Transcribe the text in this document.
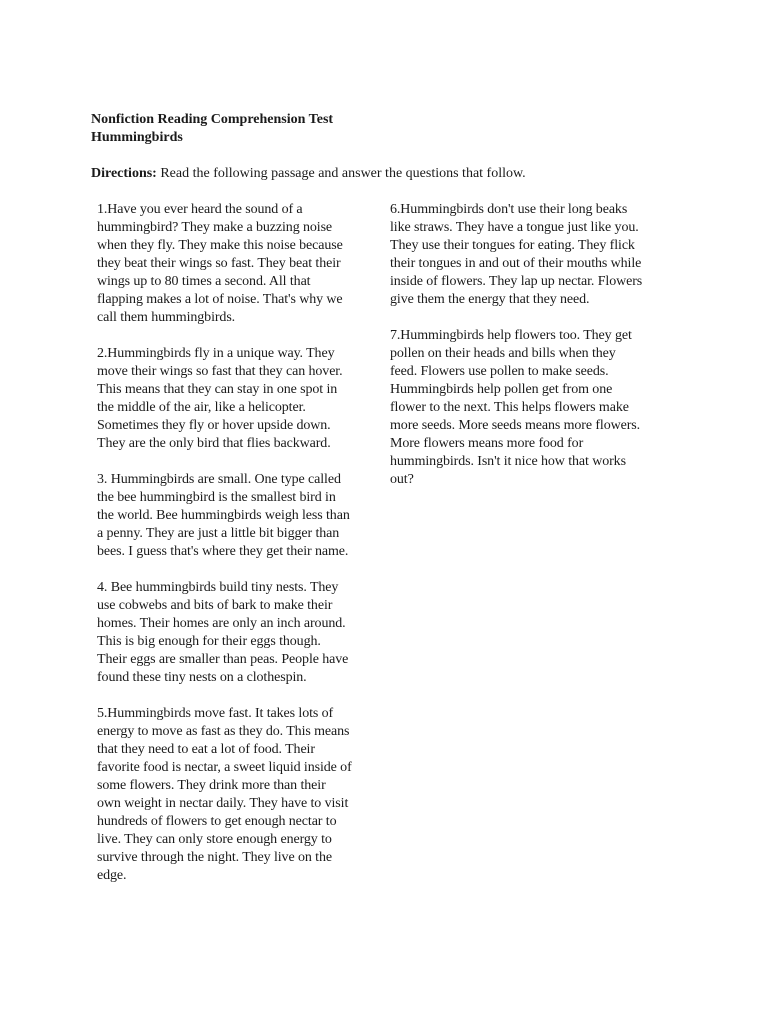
Nonfiction Reading Comprehension Test
Hummingbirds
Directions: Read the following passage and answer the questions that follow.

1.Have you ever heard the sound of a
hummingbird? They make a buzzing noise
when they fly. They make this noise because
they beat their wings so fast. They beat their
wings up to 80 times a second. All that
flapping makes a lot of noise. That's why we
call them hummingbirds.

2.Hummingbirds fly in a unique way. They
move their wings so fast that they can hover.
This means that they can stay in one spot in
the middle of the air, like a helicopter.
Sometimes they fly or hover upside down.
They are the only bird that flies backward.

3. Hummingbirds are small. One type called
the bee hummingbird is the smallest bird in
the world. Bee hummingbirds weigh less than
a penny. They are just a little bit bigger than
bees. I guess that's where they get their name.

4. Bee hummingbirds build tiny nests. They
use cobwebs and bits of bark to make their
homes. Their homes are only an inch around.
This is big enough for their eggs though.
Their eggs are smaller than peas. People have
found these tiny nests on a clothespin.

5.Hummingbirds move fast. It takes lots of
energy to move as fast as they do. This means
that they need to eat a lot of food. Their
favorite food is nectar, a sweet liquid inside of
some flowers. They drink more than their
own weight in nectar daily. They have to visit
hundreds of flowers to get enough nectar to
live. They can only store enough energy to
survive through the night. They live on the
edge.

6.Hummingbirds don't use their long beaks
like straws. They have a tongue just like you.
They use their tongues for eating. They flick
their tongues in and out of their mouths while
inside of flowers. They lap up nectar. Flowers
give them the energy that they need.

7.Hummingbirds help flowers too. They get
pollen on their heads and bills when they
feed. Flowers use pollen to make seeds.
Hummingbirds help pollen get from one
flower to the next. This helps flowers make
more seeds. More seeds means more flowers.
More flowers means more food for
hummingbirds. Isn't it nice how that works
out?
